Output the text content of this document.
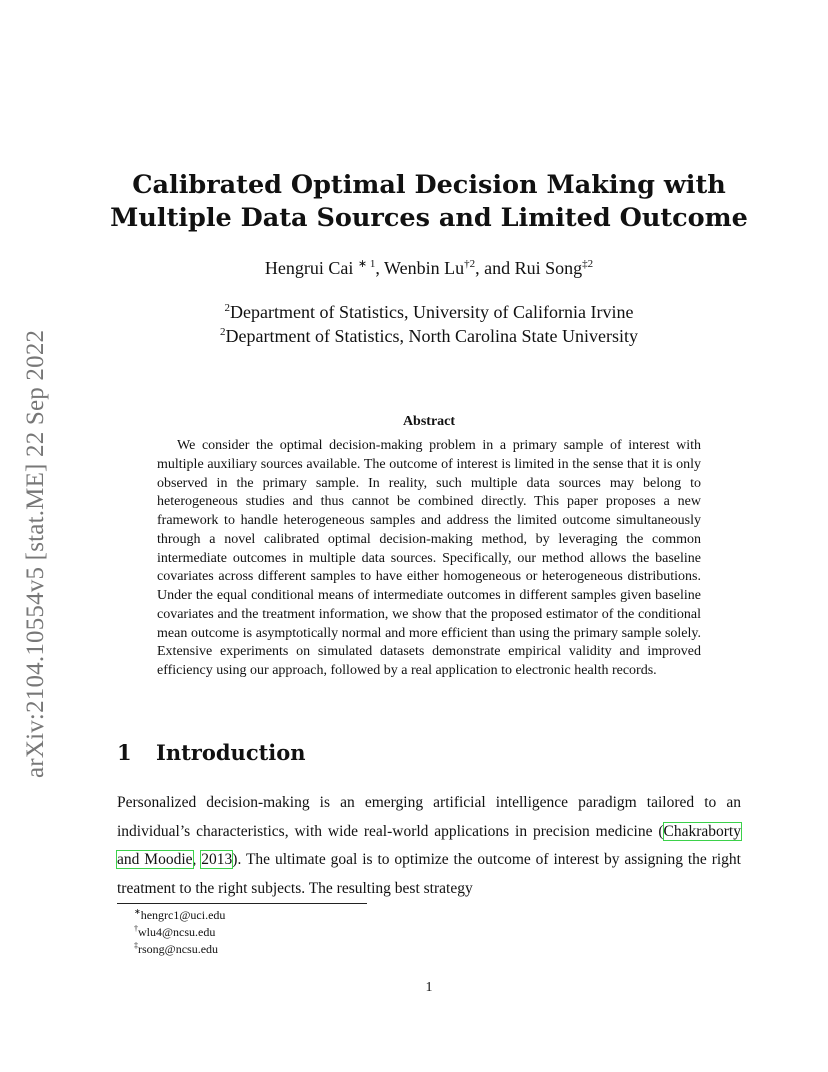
arXiv:2104.10554v5 [stat.ME] 22 Sep 2022
Calibrated Optimal Decision Making with
Multiple Data Sources and Limited Outcome
Hengrui Cai $^{∗ 1}$, Wenbin Lu$^{\dagger 2}$, and Rui Song$^{\ddagger 2}$
$^2$Department of Statistics, University of California Irvine
$^2$Department of Statistics, North Carolina State University
Abstract

We consider the optimal decision-making problem in a primary sample of interest with multiple auxiliary sources available. The outcome of interest is limited in the sense that it is only observed in the primary sample. In reality, such multiple data sources may belong to heterogeneous studies and thus cannot be combined directly. This paper proposes a new framework to handle heterogeneous samples and address the limited outcome simultaneously through a novel calibrated optimal decision-making method, by leveraging the common intermediate outcomes in multiple data sources. Specifically, our method allows the baseline covariates across different samples to have either homogeneous or heterogeneous distributions. Under the equal conditional means of intermediate outcomes in different samples given baseline covariates and the treatment information, we show that the proposed estimator of the conditional mean outcome is asymptotically normal and more efficient than using the primary sample solely. Extensive experiments on simulated datasets demonstrate empirical validity and improved efficiency using our approach, followed by a real application to electronic health records.

1 Introduction

Personalized decision-making is an emerging artificial intelligence paradigm tailored to an individual’s characteristics, with wide real-world applications in precision medicine (Chakraborty and Moodie, 2013). The ultimate goal is to optimize the outcome of interest by assigning the right treatment to the right subjects. The resulting best strategy

∗hengrc1@uci.edu
†wlu4@ncsu.edu
‡rsong@ncsu.edu
1
